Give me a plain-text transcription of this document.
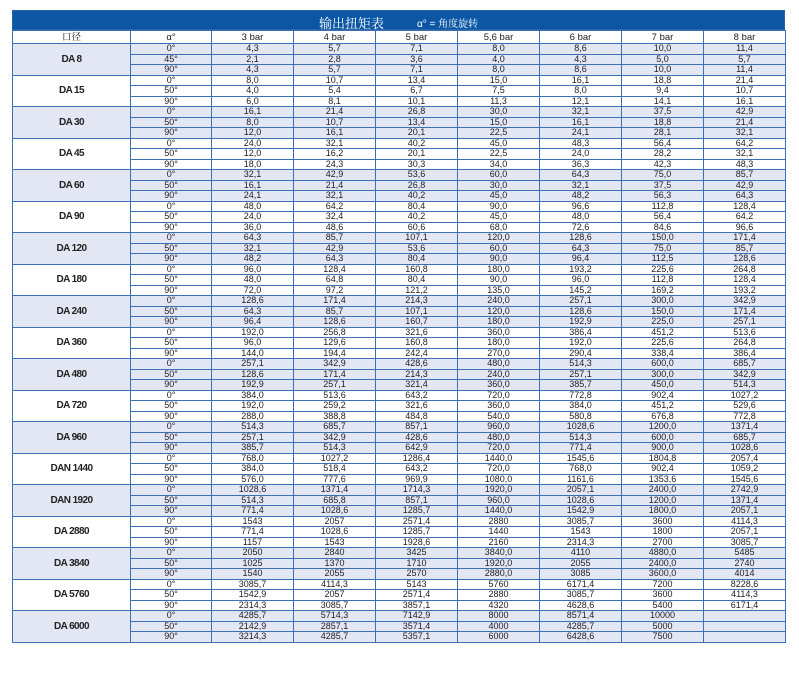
输出扭矩表	α° = 角度旋转
口径	α°	3 bar	4 bar	5 bar	5,6 bar	6 bar	7 bar	8 bar
DA 8	0°	4,3	5,7	7,1	8,0	8,6	10,0	11,4
	45°	2,1	2,8	3,6	4,0	4,3	5,0	5,7
	90°	4,3	5,7	7,1	8,0	8,6	10,0	11,4
DA 15	0°	8,0	10,7	13,4	15,0	16,1	18,8	21,4
	50°	4,0	5,4	6,7	7,5	8,0	9,4	10,7
	90°	6,0	8,1	10,1	11,3	12,1	14,1	16,1
DA 30	0°	16,1	21,4	26,8	30,0	32,1	37,5	42,9
	50°	8,0	10,7	13,4	15,0	16,1	18,8	21,4
	90°	12,0	16,1	20,1	22,5	24,1	28,1	32,1
DA 45	0°	24,0	32,1	40,2	45,0	48,3	56,4	64,2
	50°	12,0	16,2	20,1	22,5	24,0	28,2	32,1
	90°	18,0	24,3	30,3	34,0	36,3	42,3	48,3
DA 60	0°	32,1	42,9	53,6	60,0	64,3	75,0	85,7
	50°	16,1	21,4	26,8	30,0	32,1	37,5	42,9
	90°	24,1	32,1	40,2	45,0	48,2	56,3	64,3
DA 90	0°	48,0	64,2	80,4	90,0	96,6	112,8	128,4
	50°	24,0	32,4	40,2	45,0	48,0	56,4	64,2
	90°	36,0	48,6	60,6	68,0	72,6	84,6	96,6
DA 120	0°	64,3	85,7	107,1	120,0	128,6	150,0	171,4
	50°	32,1	42,9	53,6	60,0	64,3	75,0	85,7
	90°	48,2	64,3	80,4	90,0	96,4	112,5	128,6
DA 180	0°	96,0	128,4	160,8	180,0	193,2	225,6	264,8
	50°	48,0	64,8	80,4	90,0	96,0	112,8	128,4
	90°	72,0	97,2	121,2	135,0	145,2	169,2	193,2
DA 240	0°	128,6	171,4	214,3	240,0	257,1	300,0	342,9
	50°	64,3	85,7	107,1	120,0	128,6	150,0	171,4
	90°	96,4	128,6	160,7	180,0	192,9	225,0	257,1
DA 360	0°	192,0	256,8	321,6	360,0	386,4	451,2	513,6
	50°	96,0	129,6	160,8	180,0	192,0	225,6	264,8
	90°	144,0	194,4	242,4	270,0	290,4	338,4	386,4
DA 480	0°	257,1	342,9	428,6	480,0	514,3	600,0	685,7
	50°	128,6	171,4	214,3	240,0	257,1	300,0	342,9
	90°	192,9	257,1	321,4	360,0	385,7	450,0	514,3
DA 720	0°	384,0	513,6	643,2	720,0	772,8	902,4	1027,2
	50°	192,0	259,2	321,6	360,0	384,0	451,2	529,6
	90°	288,0	388,8	484,8	540,0	580,8	676,8	772,8
DA 960	0°	514,3	685,7	857,1	960,0	1028,6	1200,0	1371,4
	50°	257,1	342,9	428,6	480,0	514,3	600,0	685,7
	90°	385,7	514,3	642,9	720,0	771,4	900,0	1028,6
DAN 1440	0°	768,0	1027,2	1286,4	1440,0	1545,6	1804,8	2057,4
	50°	384,0	518,4	643,2	720,0	768,0	902,4	1059,2
	90°	576,0	777,6	969,9	1080,0	1161,6	1353,6	1545,6
DAN 1920	0°	1028,6	1371,4	1714,3	1920,0	2057,1	2400,0	2742,9
	50°	514,3	685,8	857,1	960,0	1028,6	1200,0	1371,4
	90°	771,4	1028,6	1285,7	1440,0	1542,9	1800,0	2057,1
DA 2880	0°	1543	2057	2571,4	2880	3085,7	3600	4114,3
	50°	771,4	1028,6	1285,7	1440	1543	1800	2057,1
	90°	1157	1543	1928,6	2160	2314,3	2700	3085,7
DA 3840	0°	2050	2840	3425	3840,0	4110	4880,0	5485
	50°	1025	1370	1710	1920,0	2055	2400,0	2740
	90°	1540	2055	2570	2880,0	3085	3600,0	4014
DA 5760	0°	3085,7	4114,3	5143	5760	6171,4	7200	8228,6
	50°	1542,9	2057	2571,4	2880	3085,7	3600	4114,3
	90°	2314,3	3085,7	3857,1	4320	4628,6	5400	6171,4
DA 6000	0°	4285,7	5714,3	7142,9	8000	8571,4	10000	
	50°	2142,9	2857,1	3571,4	4000	4285,7	5000	
	90°	3214,3	4285,7	5357,1	6000	6428,6	7500	
